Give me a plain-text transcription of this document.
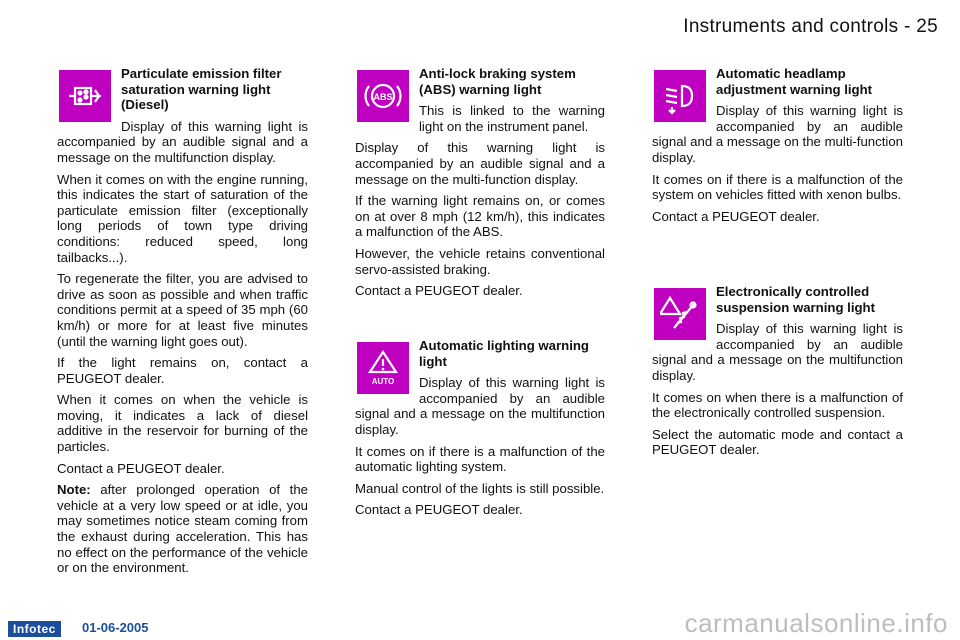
Instruments and controls - 25
Particulate emission filter saturation warning light (Diesel)

Display of this warning light is accompanied by an audible signal and a message on the multifunction display.

When it comes on with the engine running, this indicates the start of saturation of the particulate emission filter (exceptionally long periods of town type driving conditions: reduced speed, long tailbacks...).

To regenerate the filter, you are advised to drive as soon as possible and when traffic conditions permit at a speed of 35 mph (60 km/h) or more for at least five minutes (until the warning light goes out).

If the light remains on, contact a PEUGEOT dealer.

When it comes on when the vehicle is moving, it indicates a lack of diesel additive in the reservoir for burning of the particles.

Contact a PEUGEOT dealer.

Note: after prolonged operation of the vehicle at a very low speed or at idle, you may sometimes notice steam coming from the exhaust during acceleration. This has no effect on the performance of the vehicle or on the environment.

ABS
Anti-lock braking system (ABS) warning light

This is linked to the warning light on the instrument panel.

Display of this warning light is accompanied by an audible signal and a message on the multi-function display.

If the warning light remains on, or comes on at over 8 mph (12 km/h), this indicates a malfunction of the ABS.

However, the vehicle retains conventional servo-assisted braking.

Contact a PEUGEOT dealer.

AUTO
Automatic lighting warning light

Display of this warning light is accompanied by an audible signal and a message on the multifunction display.

It comes on if there is a malfunction of the automatic lighting system.

Manual control of the lights is still possible.

Contact a PEUGEOT dealer.

Automatic headlamp adjustment warning light

Display of this warning light is accompanied by an audible signal and a message on the multi-function display.

It comes on if there is a malfunction of the system on vehicles fitted with xenon bulbs.

Contact a PEUGEOT dealer.

Electronically controlled suspension warning light

Display of this warning light is accompanied by an audible signal and a message on the multifunction display.

It comes on when there is a malfunction of the electronically controlled suspension.

Select the automatic mode and contact a PEUGEOT dealer.

Infotec	01-06-2005	carmanualsonline.info
